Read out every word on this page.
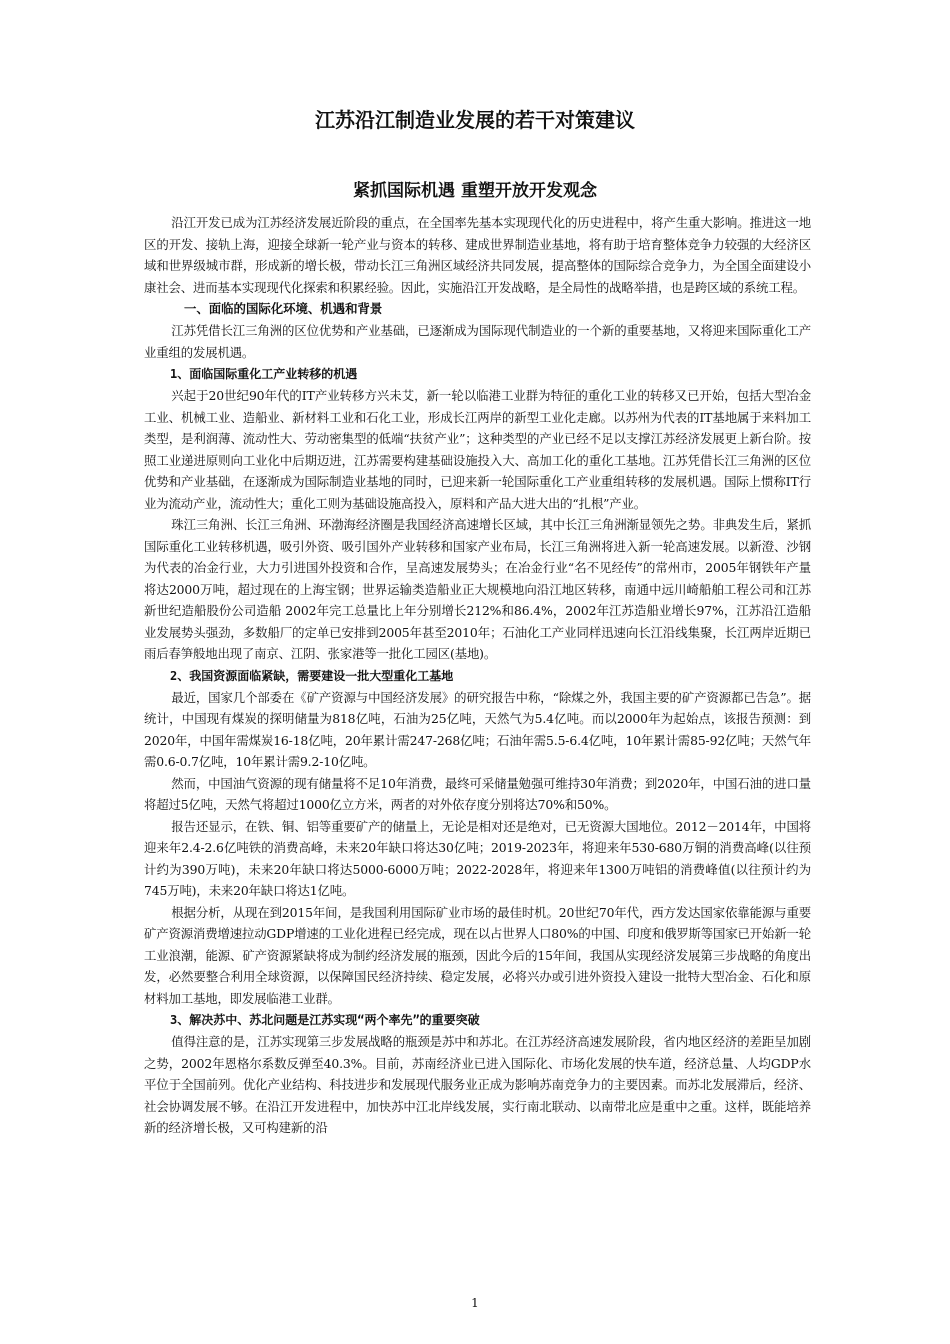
江苏沿江制造业发展的若干对策建议
紧抓国际机遇 重塑开放开发观念

沿江开发已成为江苏经济发展近阶段的重点，在全国率先基本实现现代化的历史进程中，将产生重大影响。推进这一地区的开发、接轨上海，迎接全球新一轮产业与资本的转移、建成世界制造业基地，将有助于培育整体竞争力较强的大经济区域和世界级城市群，形成新的增长极，带动长江三角洲区域经济共同发展，提高整体的国际综合竞争力，为全国全面建设小康社会、进而基本实现现代化探索和积累经验。因此，实施沿江开发战略，是全局性的战略举措，也是跨区域的系统工程。

一、面临的国际化环境、机遇和背景

江苏凭借长江三角洲的区位优势和产业基础，已逐渐成为国际现代制造业的一个新的重要基地，又将迎来国际重化工产业重组的发展机遇。

1、面临国际重化工产业转移的机遇

兴起于20世纪90年代的IT产业转移方兴未艾，新一轮以临港工业群为特征的重化工业的转移又已开始，包括大型冶金工业、机械工业、造船业、新材料工业和石化工业，形成长江两岸的新型工业化走廊。以苏州为代表的IT基地属于来料加工类型，是利润薄、流动性大、劳动密集型的低端“扶贫产业”；这种类型的产业已经不足以支撑江苏经济发展更上新台阶。按照工业递进原则向工业化中后期迈进，江苏需要构建基础设施投入大、高加工化的重化工基地。江苏凭借长江三角洲的区位优势和产业基础，在逐渐成为国际制造业基地的同时，已迎来新一轮国际重化工产业重组转移的发展机遇。国际上惯称IT行业为流动产业，流动性大；重化工则为基础设施高投入，原料和产品大进大出的“扎根”产业。

珠江三角洲、长江三角洲、环渤海经济圈是我国经济高速增长区域，其中长江三角洲渐显领先之势。非典发生后，紧抓国际重化工业转移机遇，吸引外资、吸引国外产业转移和国家产业布局，长江三角洲将进入新一轮高速发展。以新澄、沙钢为代表的冶金行业，大力引进国外投资和合作，呈高速发展势头；在冶金行业“名不见经传”的常州市，2005年钢铁年产量将达2000万吨，超过现在的上海宝钢；世界运输类造船业正大规模地向沿江地区转移，南通中远川崎船舶工程公司和江苏新世纪造船股份公司造船 2002年完工总量比上年分别增长212%和86.4%，2002年江苏造船业增长97%，江苏沿江造船业发展势头强劲，多数船厂的定单已安排到2005年甚至2010年；石油化工产业同样迅速向长江沿线集聚，长江两岸近期已雨后春笋般地出现了南京、江阴、张家港等一批化工园区(基地)。

2、我国资源面临紧缺，需要建设一批大型重化工基地

最近，国家几个部委在《矿产资源与中国经济发展》的研究报告中称，“除煤之外，我国主要的矿产资源都已告急”。据统计，中国现有煤炭的探明储量为818亿吨，石油为25亿吨，天然气为5.4亿吨。而以2000年为起始点，该报告预测：到2020年，中国年需煤炭16-18亿吨，20年累计需247-268亿吨；石油年需5.5-6.4亿吨，10年累计需85-92亿吨；天然气年需0.6-0.7亿吨，10年累计需9.2-10亿吨。

然而，中国油气资源的现有储量将不足10年消费，最终可采储量勉强可维持30年消费；到2020年，中国石油的进口量将超过5亿吨，天然气将超过1000亿立方米，两者的对外依存度分别将达70%和50%。

报告还显示，在铁、铜、铝等重要矿产的储量上，无论是相对还是绝对，已无资源大国地位。2012－2014年，中国将迎来年2.4-2.6亿吨铁的消费高峰，未来20年缺口将达30亿吨；2019-2023年，将迎来年530-680万铜的消费高峰(以往预计约为390万吨)，未来20年缺口将达5000-6000万吨；2022-2028年，将迎来年1300万吨铝的消费峰值(以往预计约为745万吨)，未来20年缺口将达1亿吨。

根据分析，从现在到2015年间，是我国利用国际矿业市场的最佳时机。20世纪70年代，西方发达国家依靠能源与重要矿产资源消费增速拉动GDP增速的工业化进程已经完成，现在以占世界人口80%的中国、印度和俄罗斯等国家已开始新一轮工业浪潮，能源、矿产资源紧缺将成为制约经济发展的瓶颈，因此今后的15年间，我国从实现经济发展第三步战略的角度出发，必然要整合利用全球资源，以保障国民经济持续、稳定发展，必将兴办或引进外资投入建设一批特大型冶金、石化和原材料加工基地，即发展临港工业群。

3、解决苏中、苏北问题是江苏实现“两个率先”的重要突破

值得注意的是，江苏实现第三步发展战略的瓶颈是苏中和苏北。在江苏经济高速发展阶段，省内地区经济的差距呈加剧之势，2002年恩格尔系数反弹至40.3%。目前，苏南经济业已进入国际化、市场化发展的快车道，经济总量、人均GDP水平位于全国前列。优化产业结构、科技进步和发展现代服务业正成为影响苏南竞争力的主要因素。而苏北发展滞后，经济、社会协调发展不够。在沿江开发进程中，加快苏中江北岸线发展，实行南北联动、以南带北应是重中之重。这样，既能培养新的经济增长极，又可构建新的沿

1
